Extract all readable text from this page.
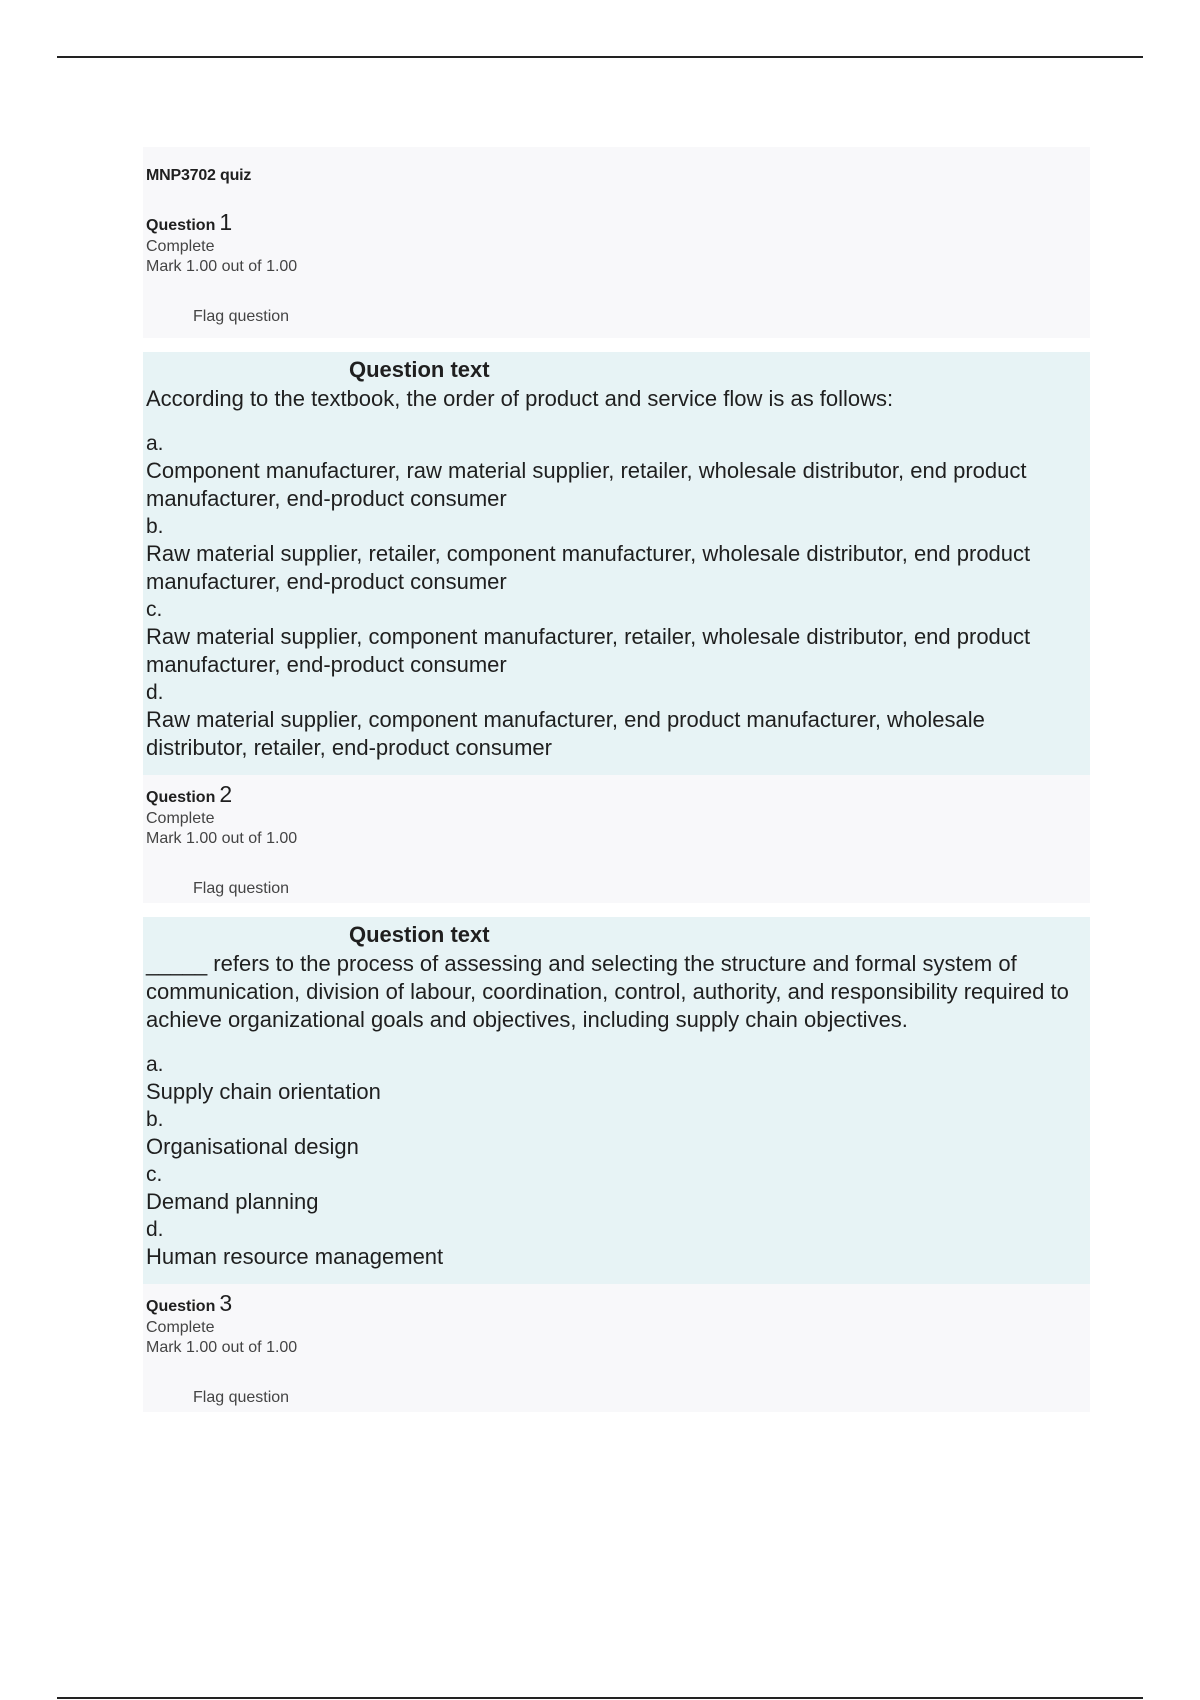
MNP3702 quiz
Question 1
Complete
Mark 1.00 out of 1.00
Flag question
Question text
According to the textbook, the order of product and service flow is as follows:
a.
Component manufacturer, raw material supplier, retailer, wholesale distributor, end product manufacturer, end-product consumer
b.
Raw material supplier, retailer, component manufacturer, wholesale distributor, end product manufacturer, end-product consumer
c.
Raw material supplier, component manufacturer, retailer, wholesale distributor, end product manufacturer, end-product consumer
d.
Raw material supplier, component manufacturer, end product manufacturer, wholesale distributor, retailer, end-product consumer
Question 2
Complete
Mark 1.00 out of 1.00
Flag question
Question text
_____ refers to the process of assessing and selecting the structure and formal system of communication, division of labour, coordination, control, authority, and responsibility required to achieve organizational goals and objectives, including supply chain objectives.
a.
Supply chain orientation
b.
Organisational design
c.
Demand planning
d.
Human resource management
Question 3
Complete
Mark 1.00 out of 1.00
Flag question
